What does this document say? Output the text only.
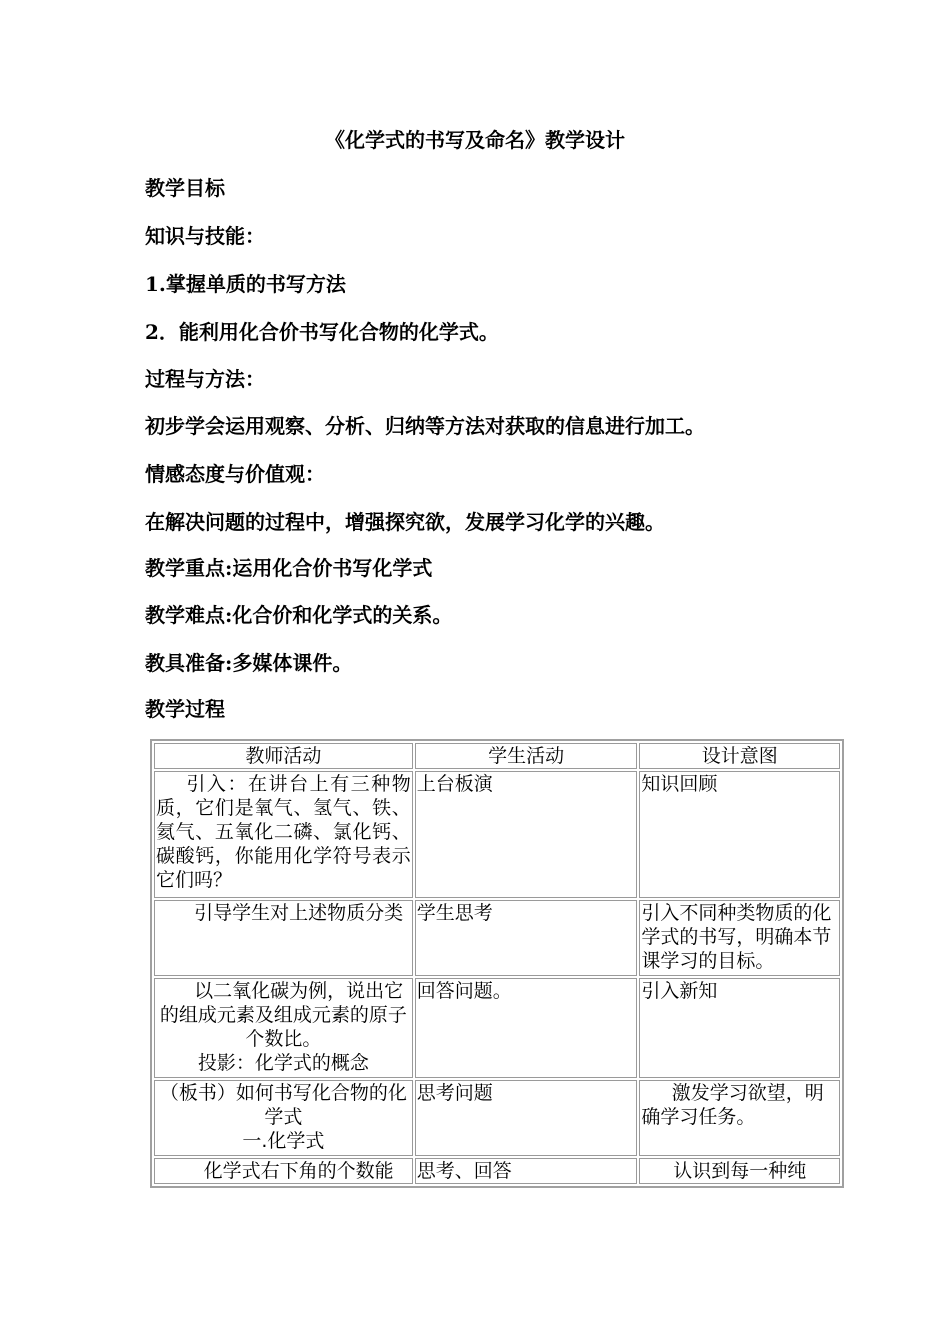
《化学式的书写及命名》教学设计
教学目标
知识与技能：
1.掌握单质的书写方法
2．能利用化合价书写化合物的化学式。
过程与方法：
初步学会运用观察、分析、归纳等方法对获取的信息进行加工。
情感态度与价值观：
在解决问题的过程中，增强探究欲，发展学习化学的兴趣。
教学重点:运用化合价书写化学式
教学难点:化合价和化学式的关系。
教具准备:多媒体课件。
教学过程
教师活动	学生活动	设计意图
引入：在讲台上有三种物质，它们是氧气、氢气、铁、氦气、五氧化二磷、氯化钙、碳酸钙，你能用化学符号表示它们吗？	上台板演	知识回顾
引导学生对上述物质分类	学生思考	引入不同种类物质的化学式的书写，明确本节课学习的目标。

以二氧化碳为例，说出它的组成元素及组成元素的原子个数比。
投影：化学式的概念	回答问题。	引入新知

（板书）如何书写化合物的化学式
一.化学式	思考问题	激发学习欲望，明确学习任务。
化学式右下角的个数能	思考、回答	认识到每一种纯
